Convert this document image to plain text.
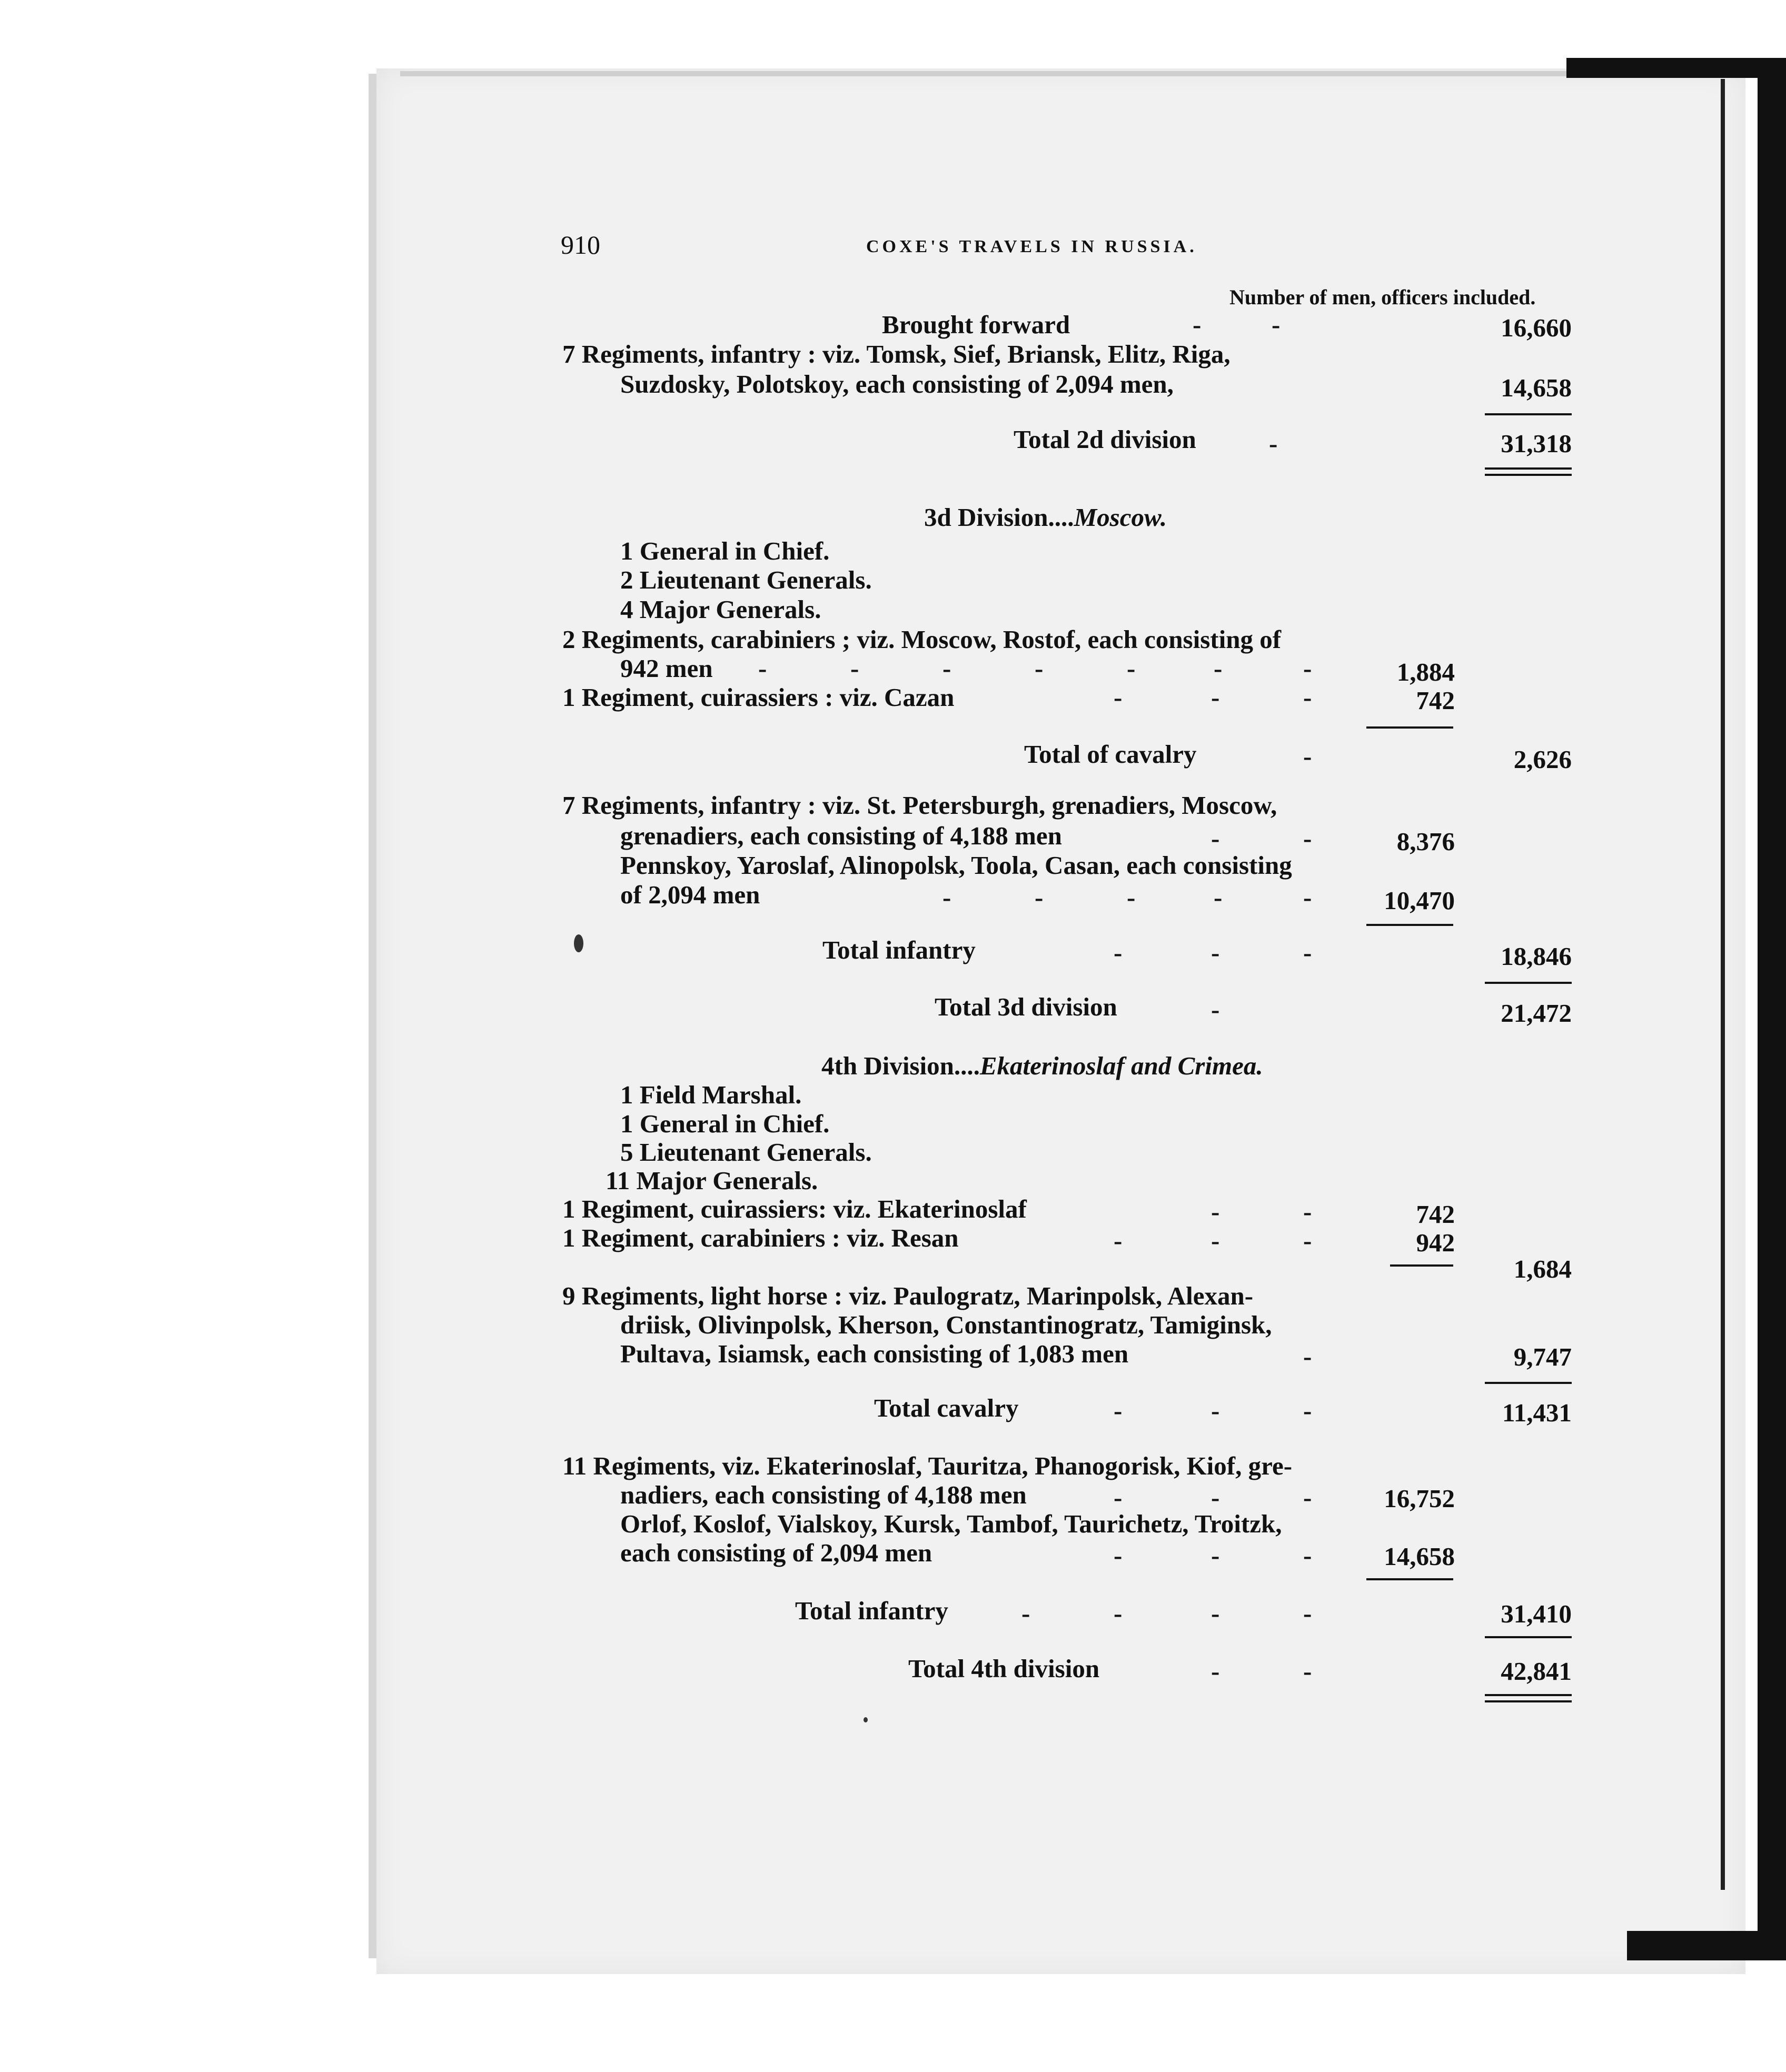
910	COXE'S TRAVELS IN RUSSIA.
Number of men, officers included.
Brought forward	-	-	16,660
7 Regiments, infantry : viz. Tomsk, Sief, Briansk, Elitz, Riga,
Suzdosky, Polotskoy, each consisting of 2,094 men,	14,658
Total 2d division	-	31,318
3d Division....Moscow.
1 General in Chief.
2 Lieutenant Generals.
4 Major Generals.
2 Regiments, carabiniers ; viz. Moscow, Rostof, each consisting of
942 men -	-	-	-	-	-	-	1,884
1 Regiment, cuirassiers : viz. Cazan	-	-	-	742
Total of cavalry	-	2,626
7 Regiments, infantry : viz. St. Petersburgh, grenadiers, Moscow,
grenadiers, each consisting of 4,188 men	-	-	8,376
Pennskoy, Yaroslaf, Alinopolsk, Toola, Casan, each consisting
of 2,094 men	-	-	-	-	-	10,470
Total infantry	-	-	-	18,846
Total 3d division	-	21,472
4th Division....Ekaterinoslaf and Crimea.
1 Field Marshal.
1 General in Chief.
5 Lieutenant Generals.
11 Major Generals.
1 Regiment, cuirassiers: viz. Ekaterinoslaf	-	-	742
1 Regiment, carabiniers : viz. Resan	-	-	-	942
1,684
9 Regiments, light horse : viz. Paulogratz, Marinpolsk, Alexan-
driisk, Olivinpolsk, Kherson, Constantinogratz, Tamiginsk,
Pultava, Isiamsk, each consisting of 1,083 men	-	9,747
Total cavalry	-	-	-	11,431
11 Regiments, viz. Ekaterinoslaf, Tauritza, Phanogorisk, Kiof, gre-
nadiers, each consisting of 4,188 men	-	-	-	16,752
Orlof, Koslof, Vialskoy, Kursk, Tambof, Taurichetz, Troitzk,
each consisting of 2,094 men	-	-	-	14,658
Total infantry	-	-	-	-	31,410
Total 4th division	-	-	42,841
